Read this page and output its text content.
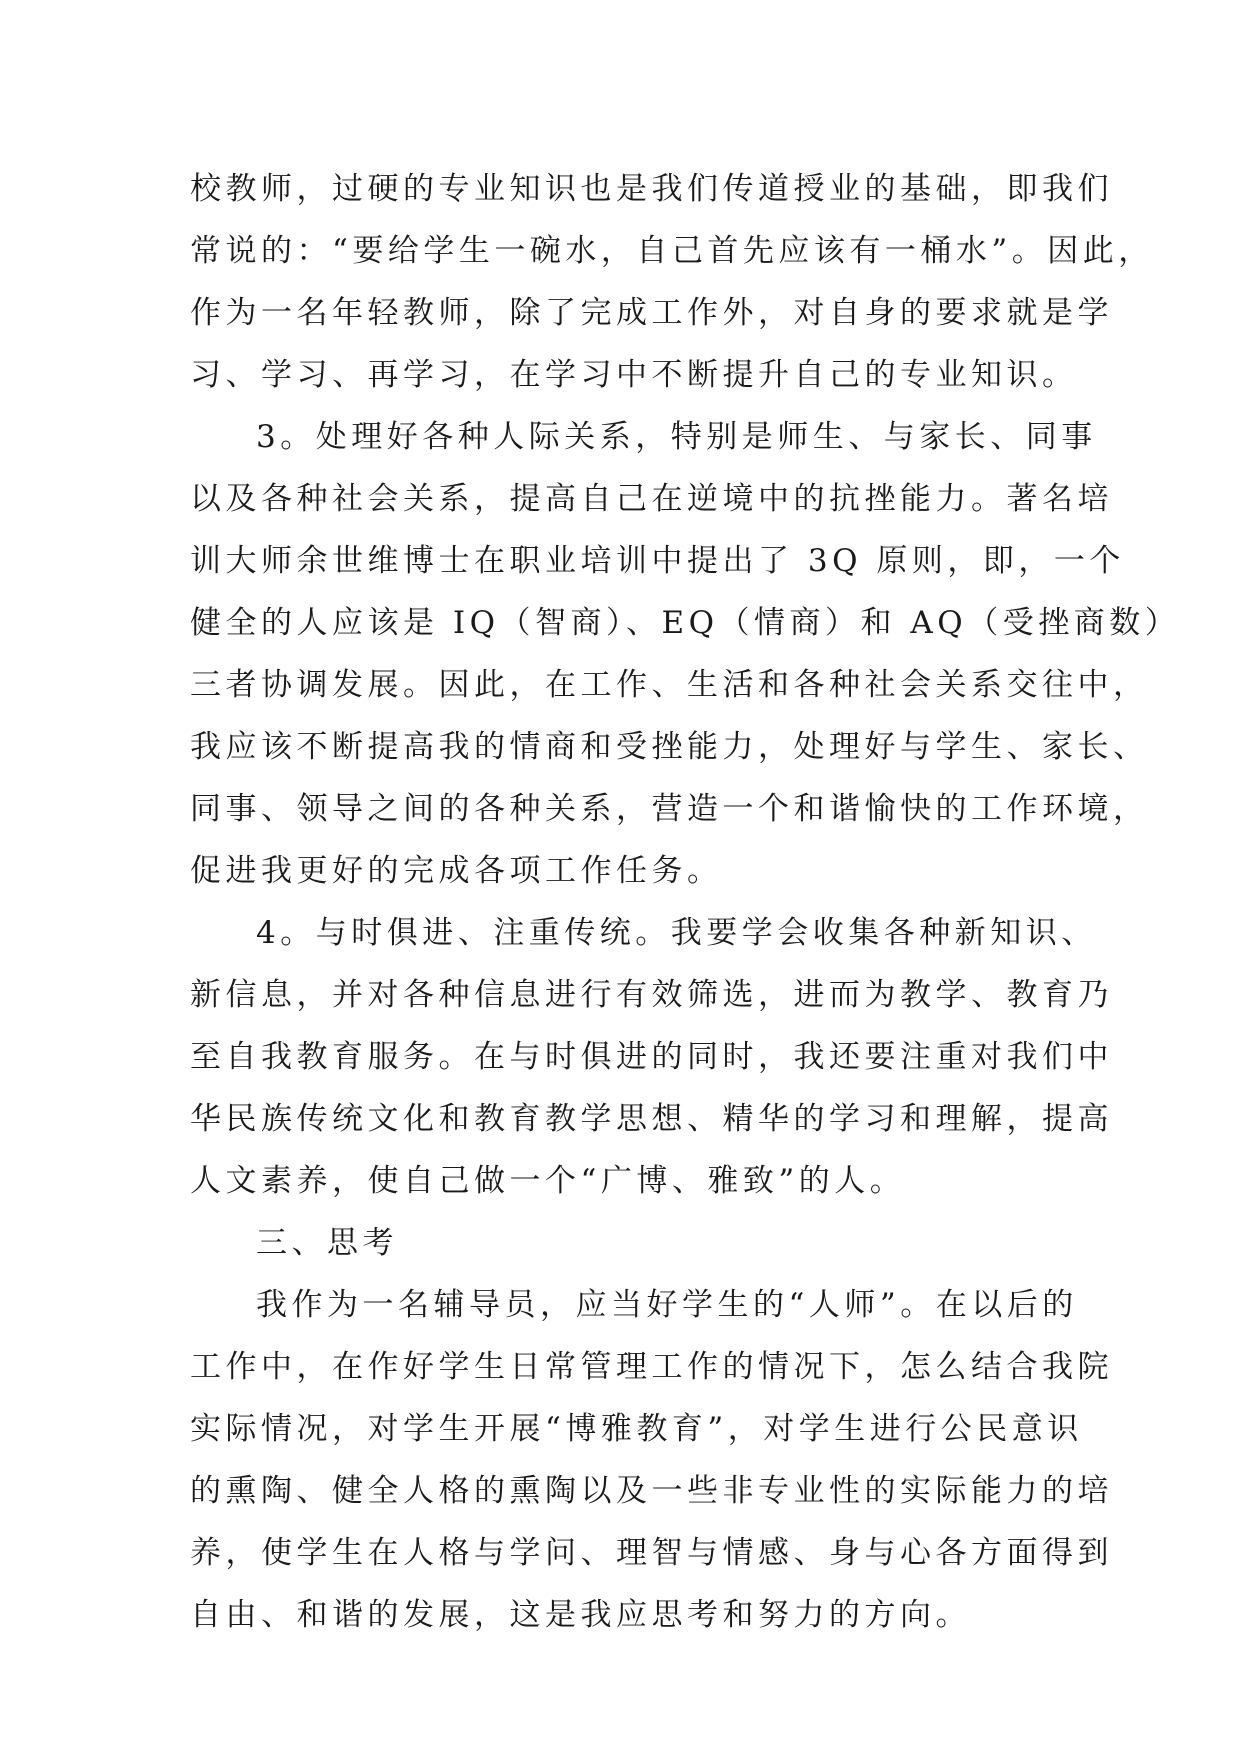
校教师，过硬的专业知识也是我们传道授业的基础，即我们
常说的：“要给学生一碗水，自己首先应该有一桶水”。因此，
作为一名年轻教师，除了完成工作外，对自身的要求就是学
习、学习、再学习，在学习中不断提升自己的专业知识。
3。处理好各种人际关系，特别是师生、与家长、同事
以及各种社会关系，提高自己在逆境中的抗挫能力。著名培
训大师余世维博士在职业培训中提出了 3Q 原则，即，一个
健全的人应该是 IQ（智商）、EQ（情商）和 AQ（受挫商数）
三者协调发展。因此，在工作、生活和各种社会关系交往中，
我应该不断提高我的情商和受挫能力，处理好与学生、家长、
同事、领导之间的各种关系，营造一个和谐愉快的工作环境，
促进我更好的完成各项工作任务。
4。与时俱进、注重传统。我要学会收集各种新知识、
新信息，并对各种信息进行有效筛选，进而为教学、教育乃
至自我教育服务。在与时俱进的同时，我还要注重对我们中
华民族传统文化和教育教学思想、精华的学习和理解，提高
人文素养，使自己做一个“广博、雅致”的人。
三、思考
我作为一名辅导员，应当好学生的“人师”。在以后的
工作中，在作好学生日常管理工作的情况下，怎么结合我院
实际情况，对学生开展“博雅教育”，对学生进行公民意识
的熏陶、健全人格的熏陶以及一些非专业性的实际能力的培
养，使学生在人格与学问、理智与情感、身与心各方面得到
自由、和谐的发展，这是我应思考和努力的方向。
